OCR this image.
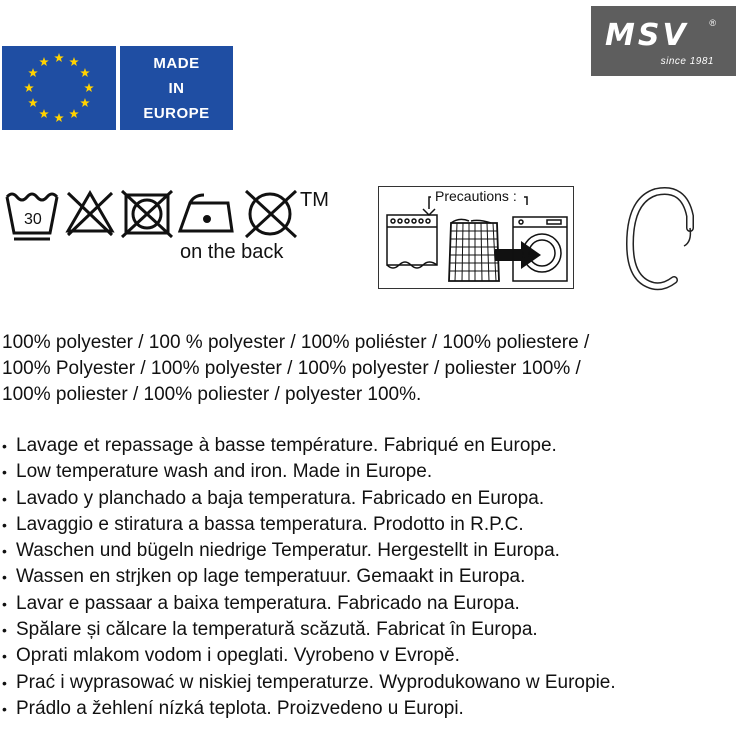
MADE
IN
EUROPE
MSV ®
since 1981
30
TM
on the back
Precautions :
100% polyester / 100 % polyester / 100% poliéster / 100% poliestere /
100% Polyester / 100% polyester / 100% polyester / poliester 100% /
100% poliester / 100% poliester / polyester 100%.
• Lavage et repassage à basse température. Fabriqué en Europe.
• Low temperature wash and iron. Made in Europe.
• Lavado y planchado a baja temperatura. Fabricado en Europa.
• Lavaggio e stiratura a bassa temperatura. Prodotto in R.P.C.
• Waschen und bügeln niedrige Temperatur. Hergestellt in Europa.
• Wassen en strjken op lage temperatuur. Gemaakt in Europa.
• Lavar e passaar a baixa temperatura. Fabricado na Europa.
• Spălare și călcare la temperatură scăzută. Fabricat în Europa.
• Oprati mlakom vodom i opeglati. Vyrobeno v Evropě.
• Prać i wyprasować w niskiej temperaturze. Wyprodukowano w Europie.
• Prádlo a žehlení nízká teplota. Proizvedeno u Europi.
